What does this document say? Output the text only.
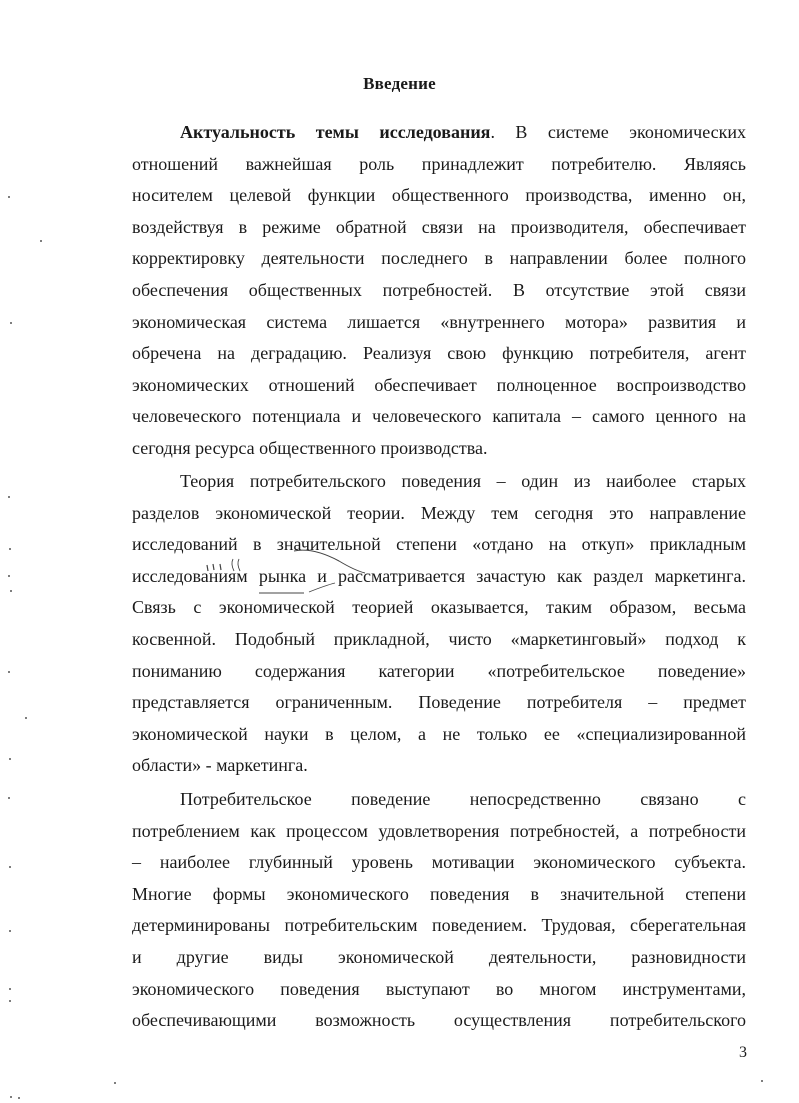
Введение
Актуальность темы исследования. В системе экономических
отношений важнейшая роль принадлежит потребителю. Являясь
носителем целевой функции общественного производства, именно он,
воздействуя в режиме обратной связи на производителя, обеспечивает
корректировку деятельности последнего в направлении более полного
обеспечения общественных потребностей. В отсутствие этой связи
экономическая система лишается «внутреннего мотора» развития и
обречена на деградацию. Реализуя свою функцию потребителя, агент
экономических отношений обеспечивает полноценное воспроизводство
человеческого потенциала и человеческого капитала – самого ценного на
сегодня ресурса общественного производства.
Теория потребительского поведения – один из наиболее старых
разделов экономической теории. Между тем сегодня это направление
исследований в значительной степени «отдано на откуп» прикладным
исследованиям рынка и рассматривается зачастую как раздел маркетинга.
Связь с экономической теорией оказывается, таким образом, весьма
косвенной. Подобный прикладной, чисто «маркетинговый» подход к
пониманию содержания категории «потребительское поведение»
представляется ограниченным. Поведение потребителя – предмет
экономической науки в целом, а не только ее «специализированной
области» - маркетинга.
Потребительское поведение непосредственно связано с
потреблением как процессом удовлетворения потребностей, а потребности
– наиболее глубинный уровень мотивации экономического субъекта.
Многие формы экономического поведения в значительной степени
детерминированы потребительским поведением. Трудовая, сберегательная
и другие виды экономической деятельности, разновидности
экономического поведения выступают во многом инструментами,
обеспечивающими возможность осуществления потребительского
3
